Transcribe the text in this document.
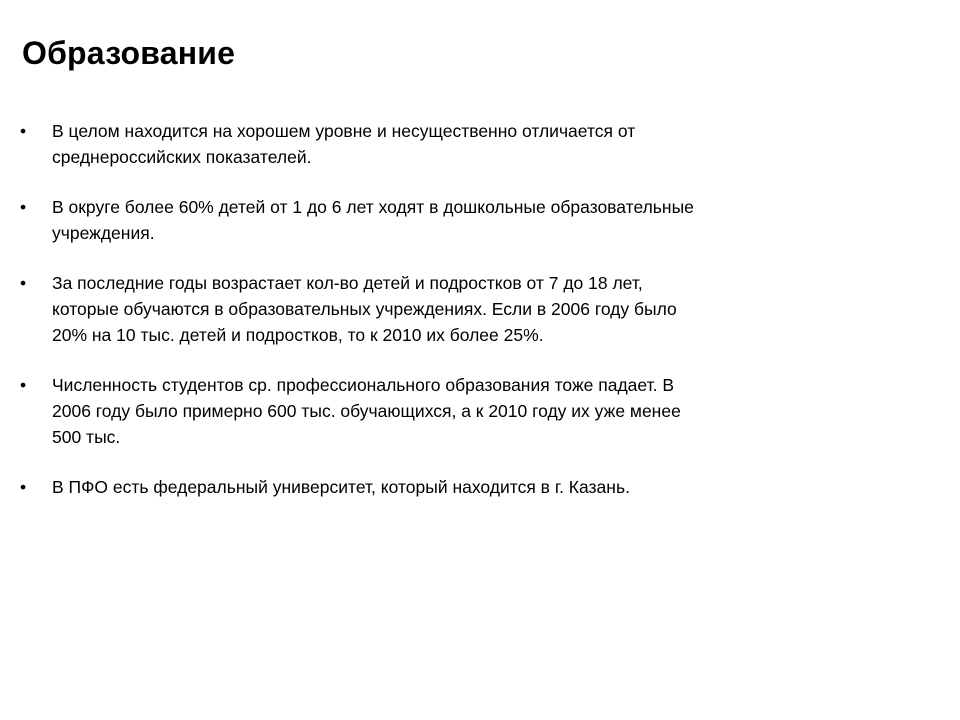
Образование
•	В целом находится на хорошем уровне и несущественно отличается от среднероссийских показателей.
•	В округе более 60% детей от 1 до 6 лет ходят в дошкольные образовательные учреждения.
•	За последние годы возрастает кол-во детей и подростков от 7 до 18 лет, которые обучаются в образовательных учреждениях. Если в 2006 году было 20% на 10 тыс. детей и подростков, то к 2010 их более 25%.
•	Численность студентов ср. профессионального образования тоже падает. В 2006 году было примерно 600 тыс. обучающихся, а к 2010 году их уже менее 500 тыс.
•	В ПФО есть федеральный университет, который находится в г. Казань.
